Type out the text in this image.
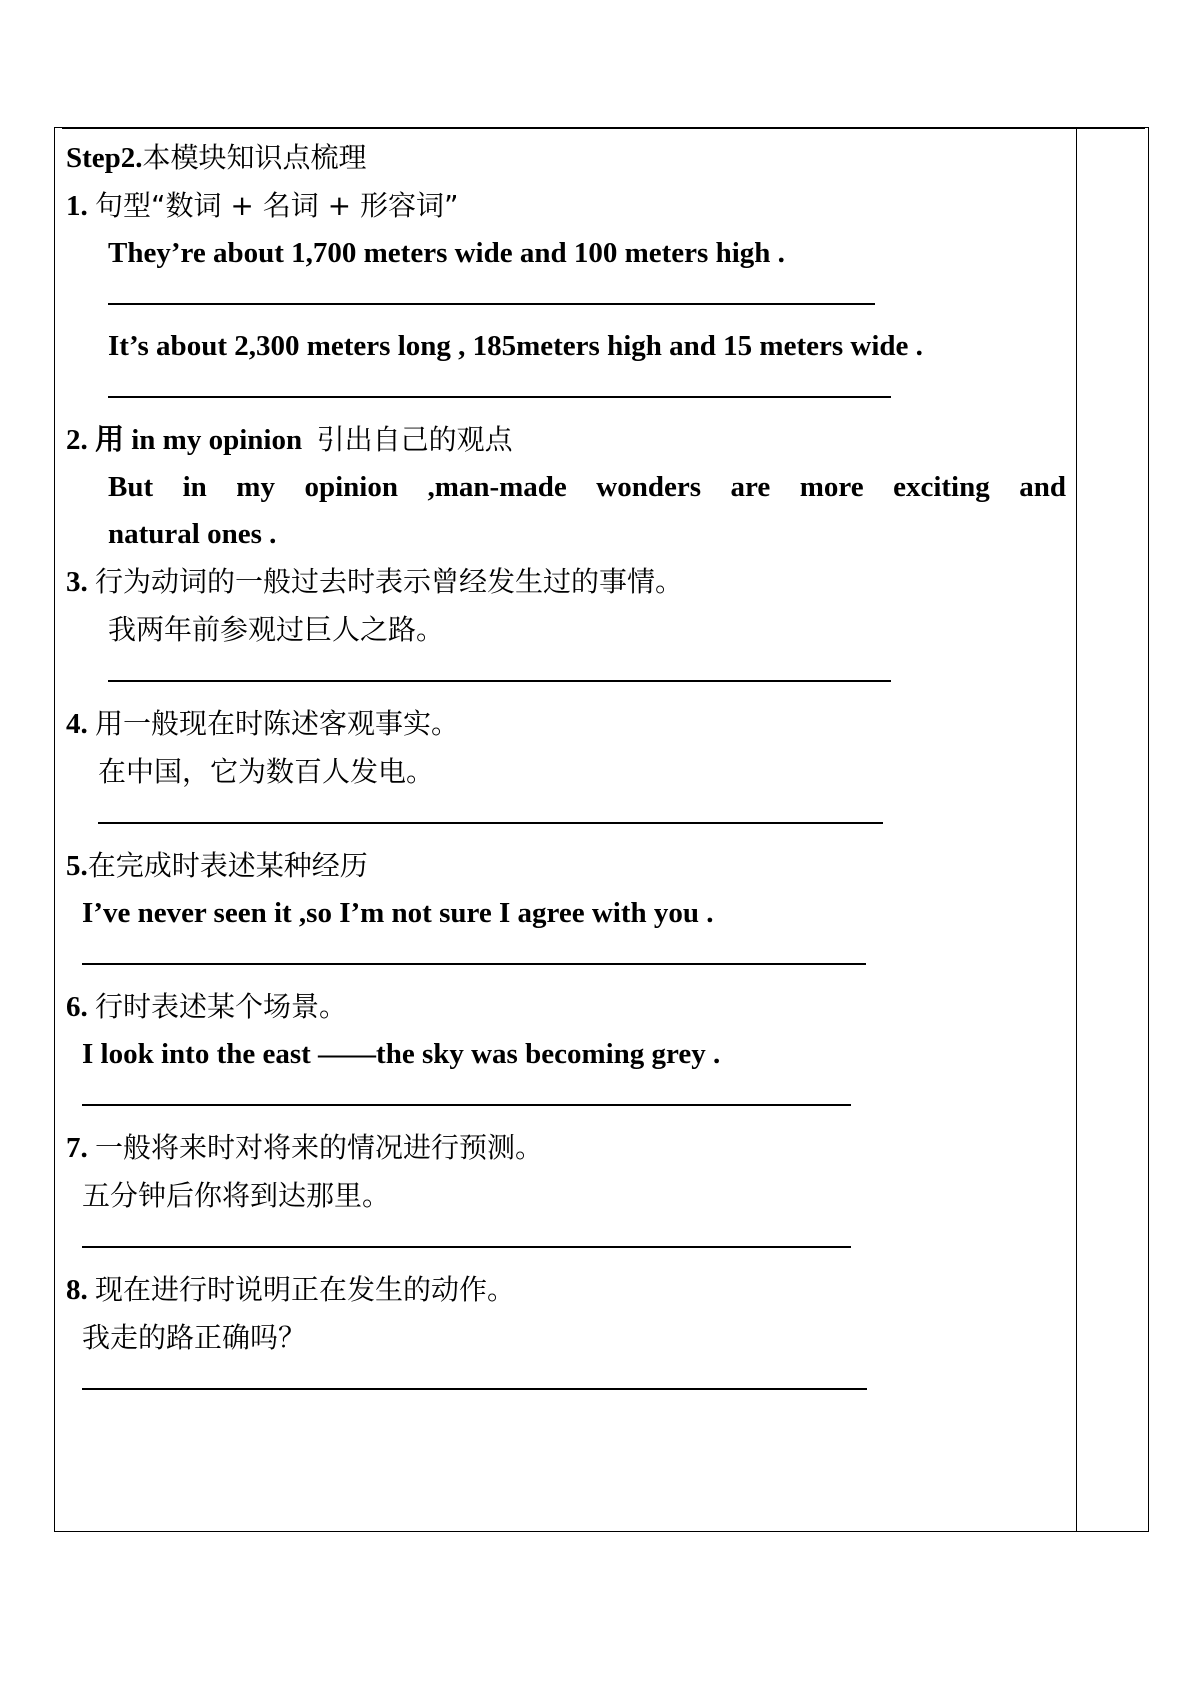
Step2.本模块知识点梳理
1. 句型“数词 + 名词 + 形容词”
They’re about 1,700 meters wide and 100 meters high .
It’s about 2,300 meters long , 185meters high and 15 meters wide .
2. 用 in my opinion 引出自己的观点
But in my opinion ,man-made wonders are more exciting and
natural ones .
3. 行为动词的一般过去时表示曾经发生过的事情。
我两年前参观过巨人之路。
4. 用一般现在时陈述客观事实。
在中国，它为数百人发电。
5.在完成时表述某种经历
I’ve never seen it ,so I’m not sure I agree with you .
6. 行时表述某个场景。
I look into the east ——the sky was becoming grey .
7. 一般将来时对将来的情况进行预测。
五分钟后你将到达那里。
8. 现在进行时说明正在发生的动作。
我走的路正确吗？
